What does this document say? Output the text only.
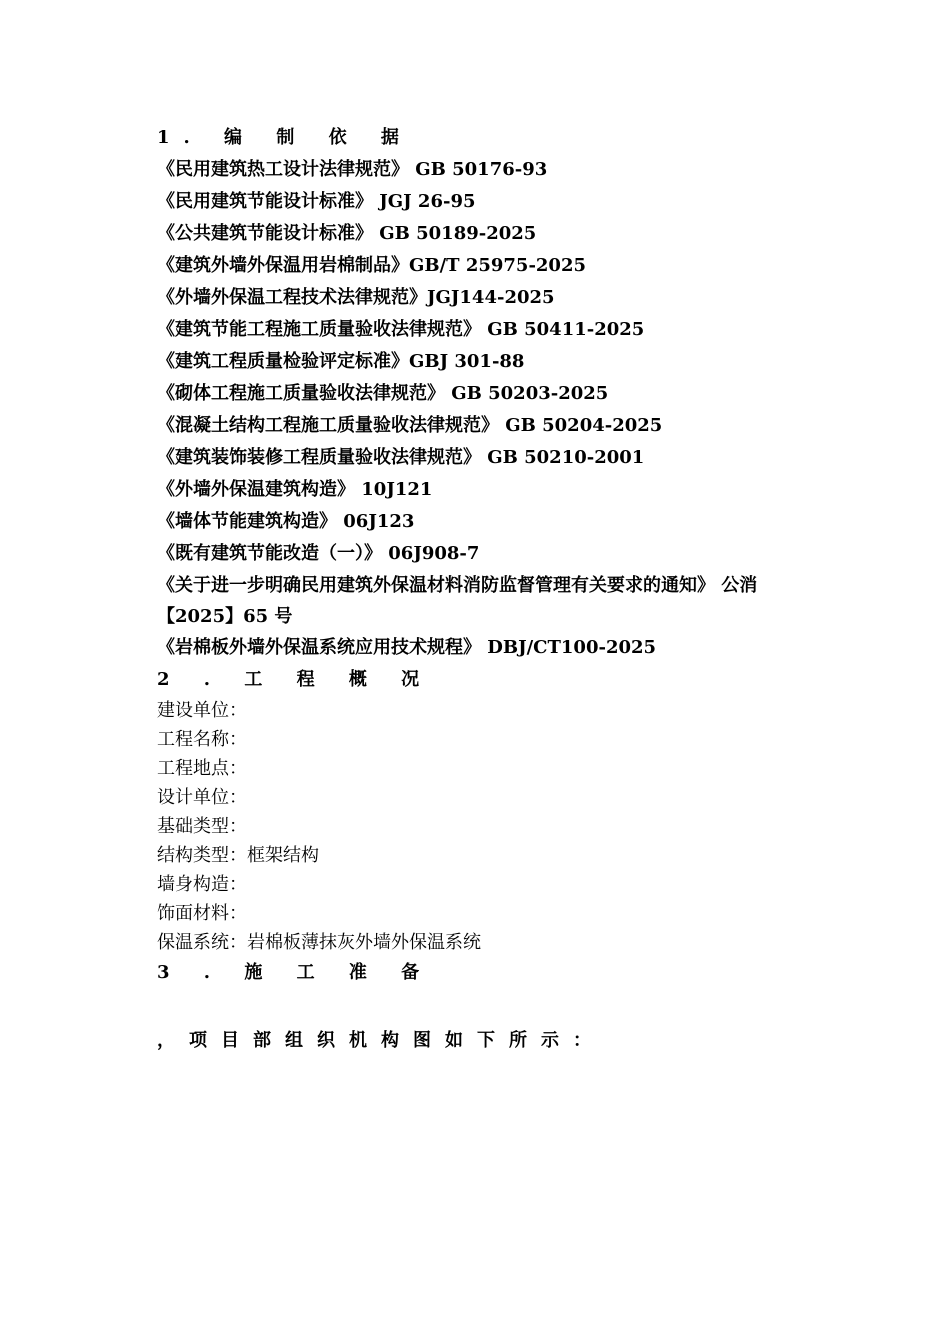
1. 编 制 依 据
《民用建筑热工设计法律规范》 GB 50176-93
《民用建筑节能设计标准》 JGJ 26-95
《公共建筑节能设计标准》 GB 50189-2025
《建筑外墙外保温用岩棉制品》GB/T 25975-2025
《外墙外保温工程技术法律规范》JGJ144-2025
《建筑节能工程施工质量验收法律规范》 GB 50411-2025
《建筑工程质量检验评定标准》GBJ 301-88
《砌体工程施工质量验收法律规范》 GB 50203-2025
《混凝土结构工程施工质量验收法律规范》 GB 50204-2025
《建筑装饰装修工程质量验收法律规范》 GB 50210-2001
《外墙外保温建筑构造》 10J121
《墙体节能建筑构造》 06J123
《既有建筑节能改造（一）》 06J908-7
《关于进一步明确民用建筑外保温材料消防监督管理有关要求的通知》 公消【2025】65 号
《岩棉板外墙外保温系统应用技术规程》 DBJ/CT100-2025
2 . 工 程 概 况
建设单位：
工程名称：
工程地点：
设计单位：
基础类型：
结构类型：框架结构
墙身构造：
饰面材料：
保温系统：岩棉板薄抹灰外墙外保温系统
3 . 施 工 准 备
，项目部组织机构图如下所示：
